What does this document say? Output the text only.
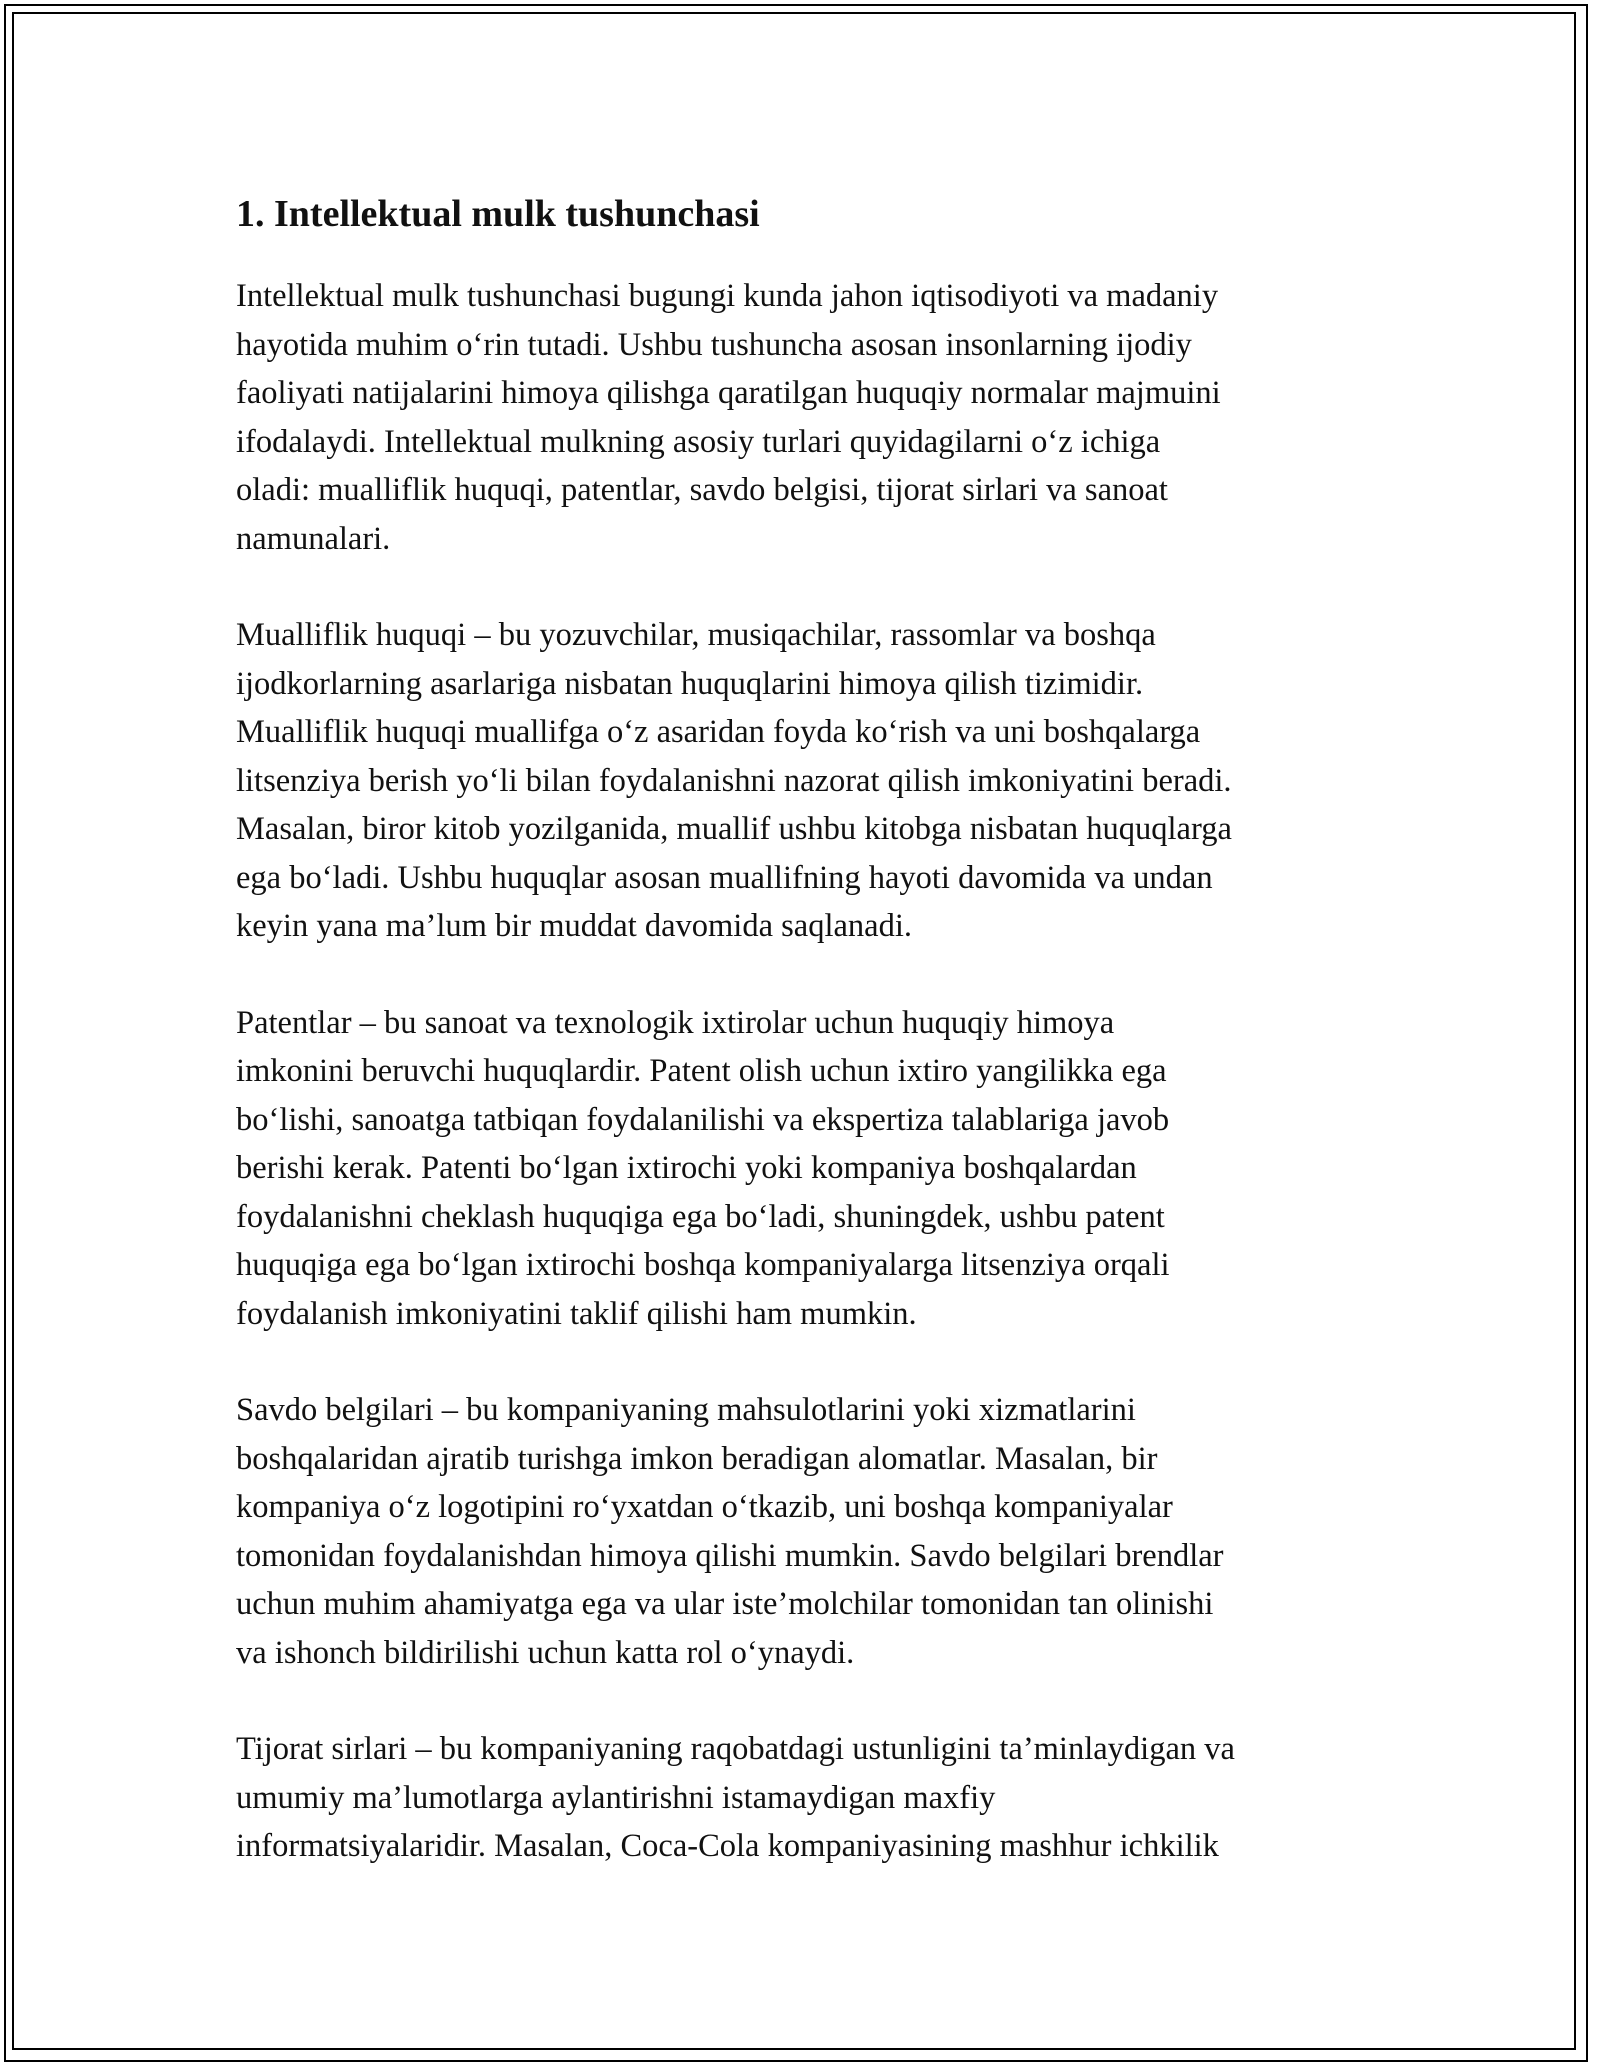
1. Intellektual mulk tushunchasi

Intellektual mulk tushunchasi bugungi kunda jahon iqtisodiyoti va madaniy
hayotida muhim o‘rin tutadi. Ushbu tushuncha asosan insonlarning ijodiy
faoliyati natijalarini himoya qilishga qaratilgan huquqiy normalar majmuini
ifodalaydi. Intellektual mulkning asosiy turlari quyidagilarni o‘z ichiga
oladi: mualliflik huquqi, patentlar, savdo belgisi, tijorat sirlari va sanoat
namunalari.

Mualliflik huquqi – bu yozuvchilar, musiqachilar, rassomlar va boshqa
ijodkorlarning asarlariga nisbatan huquqlarini himoya qilish tizimidir.
Mualliflik huquqi muallifga o‘z asaridan foyda ko‘rish va uni boshqalarga
litsenziya berish yo‘li bilan foydalanishni nazorat qilish imkoniyatini beradi.
Masalan, biror kitob yozilganida, muallif ushbu kitobga nisbatan huquqlarga
ega bo‘ladi. Ushbu huquqlar asosan muallifning hayoti davomida va undan
keyin yana ma’lum bir muddat davomida saqlanadi.

Patentlar – bu sanoat va texnologik ixtirolar uchun huquqiy himoya
imkonini beruvchi huquqlardir. Patent olish uchun ixtiro yangilikka ega
bo‘lishi, sanoatga tatbiqan foydalanilishi va ekspertiza talablariga javob
berishi kerak. Patenti bo‘lgan ixtirochi yoki kompaniya boshqalardan
foydalanishni cheklash huquqiga ega bo‘ladi, shuningdek, ushbu patent
huquqiga ega bo‘lgan ixtirochi boshqa kompaniyalarga litsenziya orqali
foydalanish imkoniyatini taklif qilishi ham mumkin.

Savdo belgilari – bu kompaniyaning mahsulotlarini yoki xizmatlarini
boshqalaridan ajratib turishga imkon beradigan alomatlar. Masalan, bir
kompaniya o‘z logotipini ro‘yxatdan o‘tkazib, uni boshqa kompaniyalar
tomonidan foydalanishdan himoya qilishi mumkin. Savdo belgilari brendlar
uchun muhim ahamiyatga ega va ular iste’molchilar tomonidan tan olinishi
va ishonch bildirilishi uchun katta rol o‘ynaydi.

Tijorat sirlari – bu kompaniyaning raqobatdagi ustunligini ta’minlaydigan va
umumiy ma’lumotlarga aylantirishni istamaydigan maxfiy
informatsiyalaridir. Masalan, Coca-Cola kompaniyasining mashhur ichkilik
